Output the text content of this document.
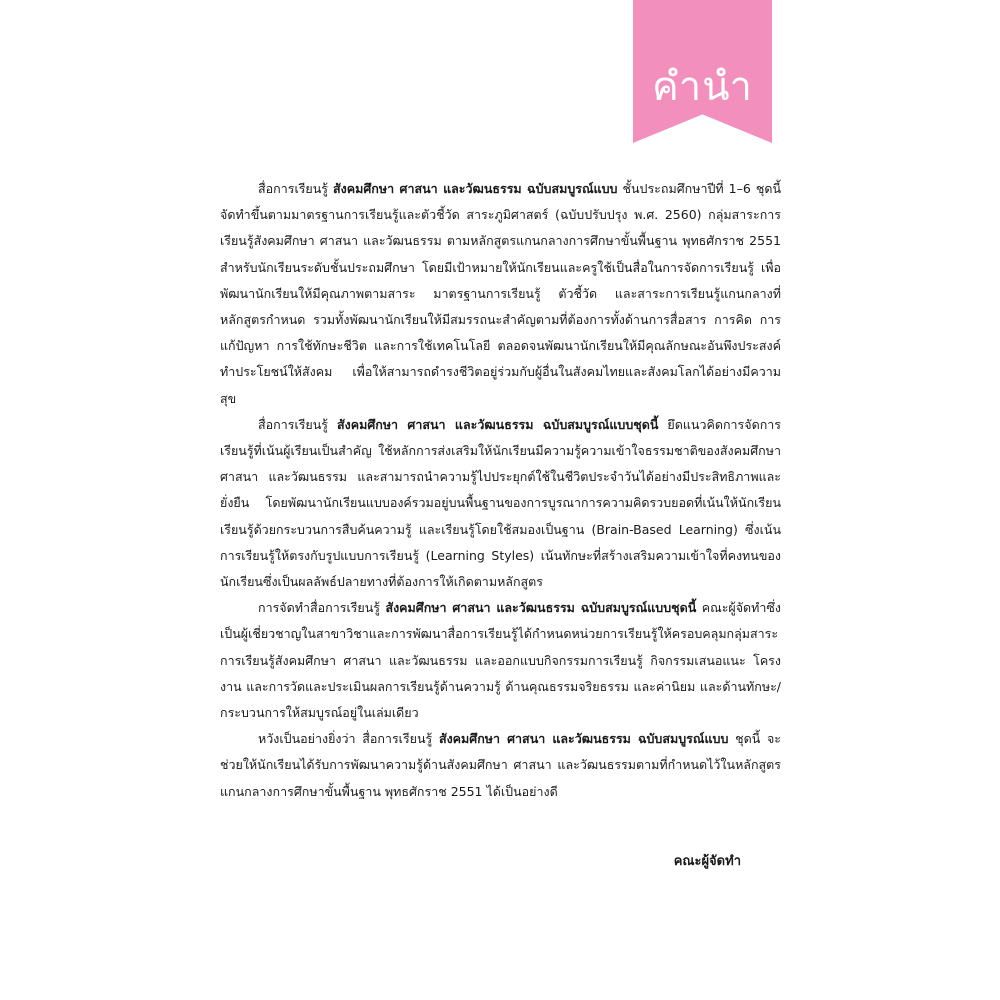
คำนำ

สื่อการเรียนรู้ สังคมศึกษา ศาสนา และวัฒนธรรม ฉบับสมบูรณ์แบบ ชั้นประถมศึกษาปีที่ 1–6 ชุดนี้ จัดทำขึ้นตามมาตรฐานการเรียนรู้และตัวชี้วัด สาระภูมิศาสตร์ (ฉบับปรับปรุง พ.ศ. 2560) กลุ่มสาระการเรียนรู้สังคมศึกษา ศาสนา และวัฒนธรรม ตามหลักสูตรแกนกลางการศึกษาขั้นพื้นฐาน พุทธศักราช 2551 สำหรับนักเรียนระดับชั้นประถมศึกษา โดยมีเป้าหมายให้นักเรียนและครูใช้เป็นสื่อในการจัดการเรียนรู้ เพื่อพัฒนานักเรียนให้มีคุณภาพตามสาระ มาตรฐานการเรียนรู้ ตัวชี้วัด และสาระการเรียนรู้แกนกลางที่หลักสูตรกำหนด รวมทั้งพัฒนานักเรียนให้มีสมรรถนะสำคัญตามที่ต้องการทั้งด้านการสื่อสาร การคิด การแก้ปัญหา การใช้ทักษะชีวิต และการใช้เทคโนโลยี ตลอดจนพัฒนานักเรียนให้มีคุณลักษณะอันพึงประสงค์ ทำประโยชน์ให้สังคม เพื่อให้สามารถดำรงชีวิตอยู่ร่วมกับผู้อื่นในสังคมไทยและสังคมโลกได้อย่างมีความสุข

สื่อการเรียนรู้ สังคมศึกษา ศาสนา และวัฒนธรรม ฉบับสมบูรณ์แบบชุดนี้ ยึดแนวคิดการจัดการเรียนรู้ที่เน้นผู้เรียนเป็นสำคัญ ใช้หลักการส่งเสริมให้นักเรียนมีความรู้ความเข้าใจธรรมชาติของสังคมศึกษา ศาสนา และวัฒนธรรม และสามารถนำความรู้ไปประยุกต์ใช้ในชีวิตประจำวันได้อย่างมีประสิทธิภาพและยั่งยืน โดยพัฒนานักเรียนแบบองค์รวมอยู่บนพื้นฐานของการบูรณาการความคิดรวบยอดที่เน้นให้นักเรียนเรียนรู้ด้วยกระบวนการสืบค้นความรู้ และเรียนรู้โดยใช้สมองเป็นฐาน (Brain-Based Learning) ซึ่งเน้นการเรียนรู้ให้ตรงกับรูปแบบการเรียนรู้ (Learning Styles) เน้นทักษะที่สร้างเสริมความเข้าใจที่คงทนของนักเรียนซึ่งเป็นผลลัพธ์ปลายทางที่ต้องการให้เกิดตามหลักสูตร

การจัดทำสื่อการเรียนรู้ สังคมศึกษา ศาสนา และวัฒนธรรม ฉบับสมบูรณ์แบบชุดนี้ คณะผู้จัดทำซึ่งเป็นผู้เชี่ยวชาญในสาขาวิชาและการพัฒนาสื่อการเรียนรู้ได้กำหนดหน่วยการเรียนรู้ให้ครอบคลุมกลุ่มสาระการเรียนรู้สังคมศึกษา ศาสนา และวัฒนธรรม และออกแบบกิจกรรมการเรียนรู้ กิจกรรมเสนอแนะ โครงงาน และการวัดและประเมินผลการเรียนรู้ด้านความรู้ ด้านคุณธรรมจริยธรรม และค่านิยม และด้านทักษะ/กระบวนการให้สมบูรณ์อยู่ในเล่มเดียว

หวังเป็นอย่างยิ่งว่า สื่อการเรียนรู้ สังคมศึกษา ศาสนา และวัฒนธรรม ฉบับสมบูรณ์แบบ ชุดนี้ จะช่วยให้นักเรียนได้รับการพัฒนาความรู้ด้านสังคมศึกษา ศาสนา และวัฒนธรรมตามที่กำหนดไว้ในหลักสูตรแกนกลางการศึกษาขั้นพื้นฐาน พุทธศักราช 2551 ได้เป็นอย่างดี

คณะผู้จัดทำ
